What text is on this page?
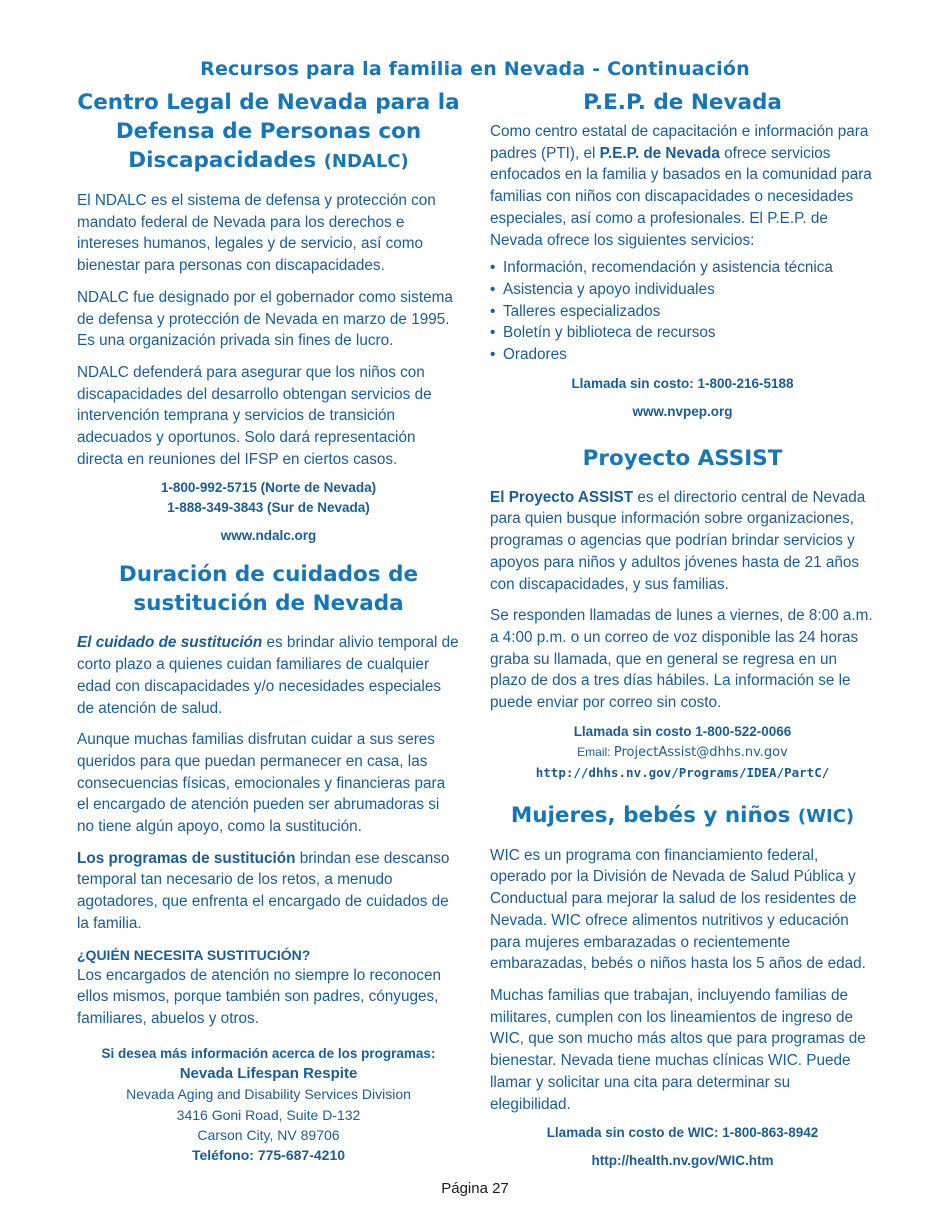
Recursos para la familia en Nevada - Continuación
Centro Legal de Nevada para la Defensa de Personas con Discapacidades (NDALC)

El NDALC es el sistema de defensa y protección con mandato federal de Nevada para los derechos e intereses humanos, legales y de servicio, así como bienestar para personas con discapacidades.

NDALC fue designado por el gobernador como sistema de defensa y protección de Nevada en marzo de 1995. Es una organización privada sin fines de lucro.

NDALC defenderá para asegurar que los niños con discapacidades del desarrollo obtengan servicios de intervención temprana y servicios de transición adecuados y oportunos. Solo dará representación directa en reuniones del IFSP en ciertos casos.

1-800-992-5715 (Norte de Nevada)
1-888-349-3843 (Sur de Nevada)
www.ndalc.org
Duración de cuidados de sustitución de Nevada

El cuidado de sustitución es brindar alivio temporal de corto plazo a quienes cuidan familiares de cualquier edad con discapacidades y/o necesidades especiales de atención de salud.

Aunque muchas familias disfrutan cuidar a sus seres queridos para que puedan permanecer en casa, las consecuencias físicas, emocionales y financieras para el encargado de atención pueden ser abrumadoras si no tiene algún apoyo, como la sustitución.

Los programas de sustitución brindan ese descanso temporal tan necesario de los retos, a menudo agotadores, que enfrenta el encargado de cuidados de la familia.

¿QUIÉN NECESITA SUSTITUCIÓN?

Los encargados de atención no siempre lo reconocen ellos mismos, porque también son padres, cónyuges, familiares, abuelos y otros.

Si desea más información acerca de los programas:
Nevada Lifespan Respite
Nevada Aging and Disability Services Division
3416 Goni Road, Suite D-132
Carson City, NV 89706
Teléfono: 775-687-4210
P.E.P. de Nevada

Como centro estatal de capacitación e información para padres (PTI), el P.E.P. de Nevada ofrece servicios enfocados en la familia y basados en la comunidad para familias con niños con discapacidades o necesidades especiales, así como a profesionales. El P.E.P. de Nevada ofrece los siguientes servicios:

• Información, recomendación y asistencia técnica
• Asistencia y apoyo individuales
• Talleres especializados
• Boletín y biblioteca de recursos
• Oradores
Llamada sin costo: 1-800-216-5188
www.nvpep.org
Proyecto ASSIST

El Proyecto ASSIST es el directorio central de Nevada para quien busque información sobre organizaciones, programas o agencias que podrían brindar servicios y apoyos para niños y adultos jóvenes hasta de 21 años con discapacidades, y sus familias.

Se responden llamadas de lunes a viernes, de 8:00 a.m. a 4:00 p.m. o un correo de voz disponible las 24 horas graba su llamada, que en general se regresa en un plazo de dos a tres días hábiles. La información se le puede enviar por correo sin costo.

Llamada sin costo 1-800-522-0066
Email: ProjectAssist@dhhs.nv.gov
http://dhhs.nv.gov/Programs/IDEA/PartC/
Mujeres, bebés y niños (WIC)

WIC es un programa con financiamiento federal, operado por la División de Nevada de Salud Pública y Conductual para mejorar la salud de los residentes de Nevada. WIC ofrece alimentos nutritivos y educación para mujeres embarazadas o recientemente embarazadas, bebés o niños hasta los 5 años de edad.

Muchas familias que trabajan, incluyendo familias de militares, cumplen con los lineamientos de ingreso de WIC, que son mucho más altos que para programas de bienestar. Nevada tiene muchas clínicas WIC. Puede llamar y solicitar una cita para determinar su elegibilidad.

Llamada sin costo de WIC: 1-800-863-8942
http://health.nv.gov/WIC.htm
Página 27
